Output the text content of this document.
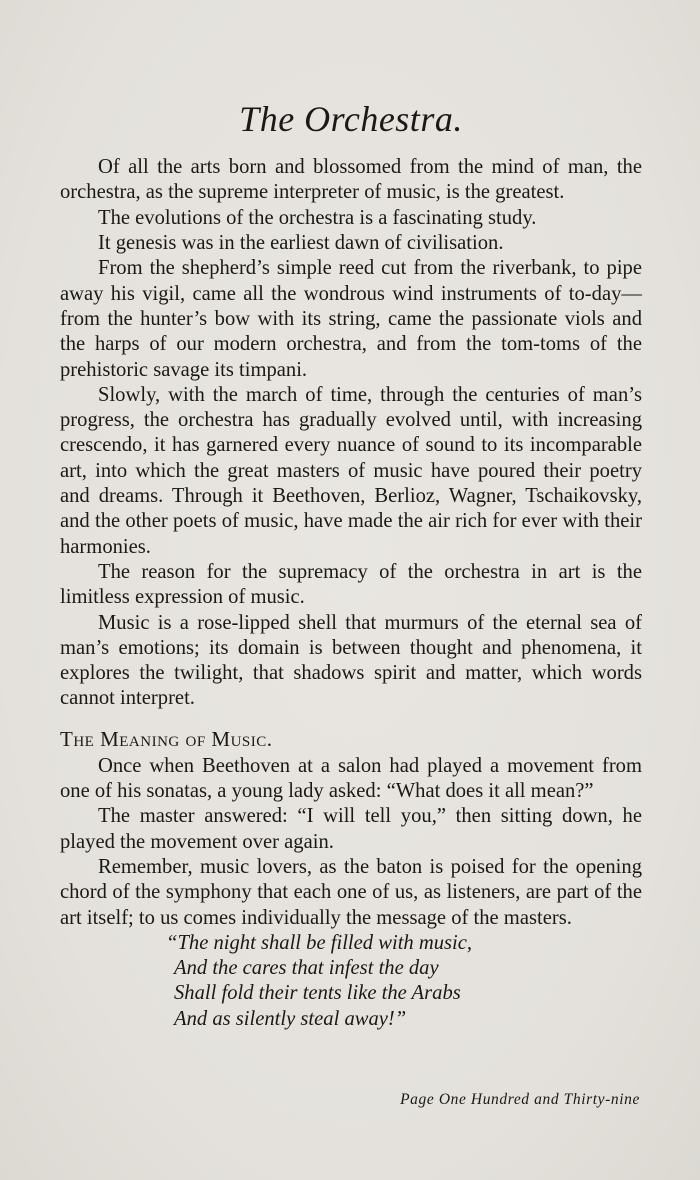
The Orchestra.

Of all the arts born and blossomed from the mind of man, the orchestra, as the supreme interpreter of music, is the greatest.

The evolutions of the orchestra is a fascinating study.

It genesis was in the earliest dawn of civilisation.

From the shepherd’s simple reed cut from the riverbank, to pipe away his vigil, came all the wondrous wind instruments of to-day—from the hunter’s bow with its string, came the passionate viols and the harps of our modern orchestra, and from the tom-toms of the prehistoric savage its timpani.

Slowly, with the march of time, through the centuries of man’s progress, the orchestra has gradually evolved until, with increasing crescendo, it has garnered every nuance of sound to its incomparable art, into which the great masters of music have poured their poetry and dreams. Through it Beethoven, Berlioz, Wagner, Tschaikovsky, and the other poets of music, have made the air rich for ever with their harmonies.

The reason for the supremacy of the orchestra in art is the limitless expression of music.

Music is a rose-lipped shell that murmurs of the eternal sea of man’s emotions; its domain is between thought and phenomena, it explores the twilight, that shadows spirit and matter, which words cannot interpret.

The Meaning of Music.

Once when Beethoven at a salon had played a movement from one of his sonatas, a young lady asked: “What does it all mean?”

The master answered: “I will tell you,” then sitting down, he played the movement over again.

Remember, music lovers, as the baton is poised for the opening chord of the symphony that each one of us, as listeners, are part of the art itself; to us comes individually the message of the masters.

“The night shall be filled with music,
And the cares that infest the day
Shall fold their tents like the Arabs
And as silently steal away!”
Page One Hundred and Thirty-nine
